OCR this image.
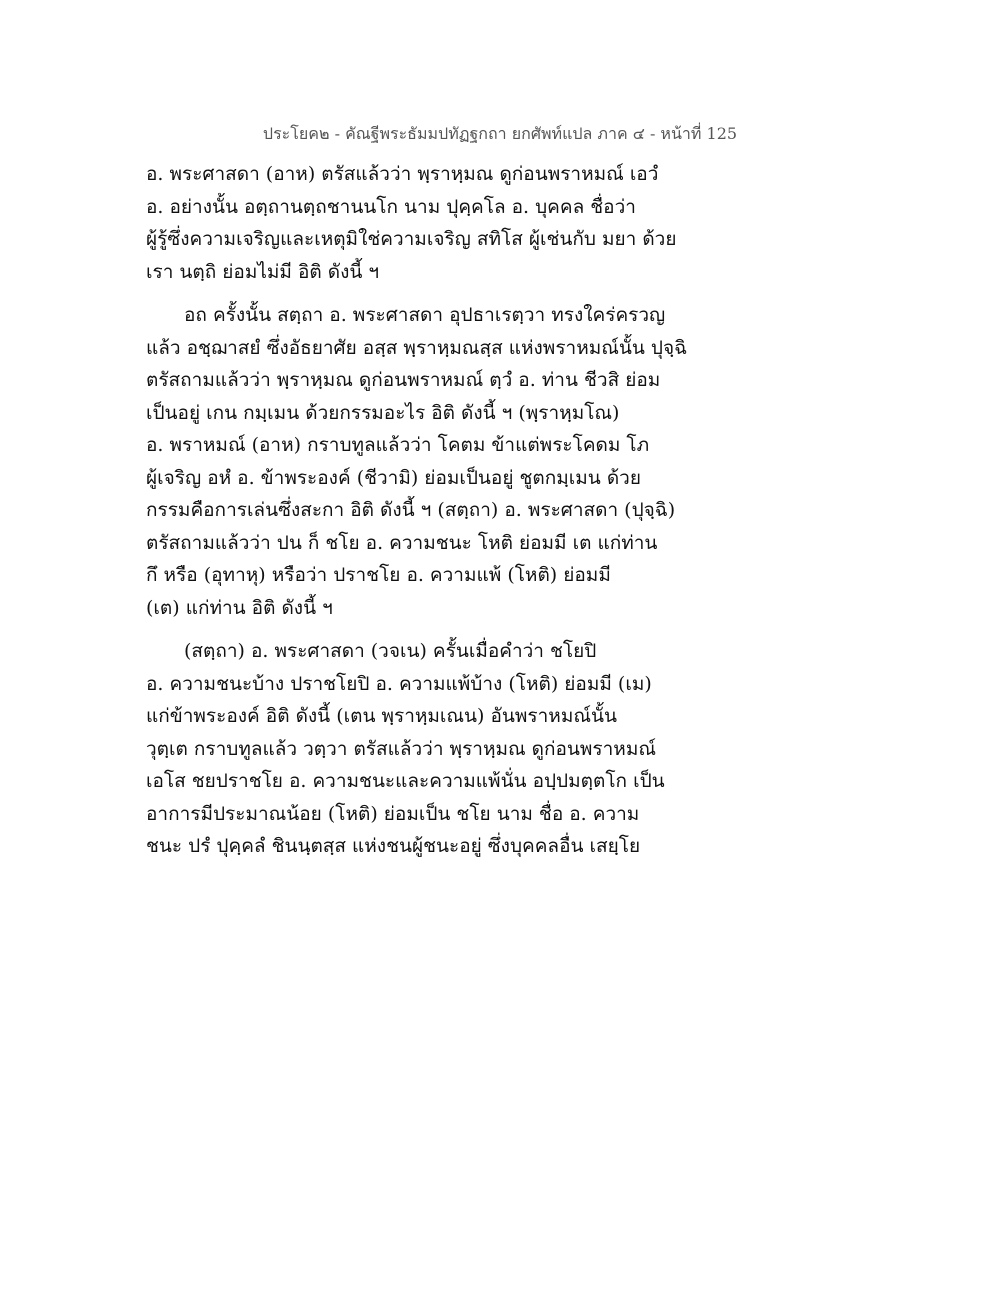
ประโยค๒ - คัณฐีพระธัมมปทัฏฐกถา ยกศัพท์แปล ภาค ๔ - หน้าที่ 125
อ. พระศาสดา (อาห) ตรัสแล้วว่า พฺราหฺมณ ดูก่อนพราหมณ์ เอวํ
อ. อย่างนั้น อตฺถานตฺถชานนโก นาม ปุคฺคโล อ. บุคคล ชื่อว่า
ผู้รู้ซึ่งความเจริญและเหตุมิใช่ความเจริญ สทิโส ผู้เช่นกับ มยา ด้วย
เรา นตฺถิ ย่อมไม่มี อิติ ดังนี้ ฯ
อถ ครั้งนั้น สตฺถา อ. พระศาสดา อุปธาเรตฺวา ทรงใคร่ครวญ
แล้ว อชฺฌาสยํ ซึ่งอัธยาศัย อสฺส พฺราหฺมณสฺส แห่งพราหมณ์นั้น ปุจฺฉิ
ตรัสถามแล้วว่า พฺราหฺมณ ดูก่อนพราหมณ์ ตฺวํ อ. ท่าน ชีวสิ ย่อม
เป็นอยู่ เกน กมฺเมน ด้วยกรรมอะไร อิติ ดังนี้ ฯ (พฺราหฺมโณ)
อ. พราหมณ์ (อาห) กราบทูลแล้วว่า โคตม ข้าแต่พระโคดม โภ
ผู้เจริญ อหํ อ. ข้าพระองค์ (ชีวามิ) ย่อมเป็นอยู่ ชูตกมฺเมน ด้วย
กรรมคือการเล่นซึ่งสะกา อิติ ดังนี้ ฯ (สตฺถา) อ. พระศาสดา (ปุจฺฉิ)
ตรัสถามแล้วว่า ปน ก็ ชโย อ. ความชนะ โหติ ย่อมมี เต แก่ท่าน
กึ หรือ (อุทาหุ) หรือว่า ปราชโย อ. ความแพ้ (โหติ) ย่อมมี
(เต) แก่ท่าน อิติ ดังนี้ ฯ
(สตฺถา) อ. พระศาสดา (วจเน) ครั้นเมื่อคำว่า ชโยปิ
อ. ความชนะบ้าง ปราชโยปิ อ. ความแพ้บ้าง (โหติ) ย่อมมี (เม)
แก่ข้าพระองค์ อิติ ดังนี้ (เตน พฺราหฺมเณน) อันพราหมณ์นั้น
วุตฺเต กราบทูลแล้ว วตฺวา ตรัสแล้วว่า พฺราหฺมณ ดูก่อนพราหมณ์
เอโส ชยปราชโย อ. ความชนะและความแพ้นั่น อปฺปมตฺตโก เป็น
อาการมีประมาณน้อย (โหติ) ย่อมเป็น ชโย นาม ชื่อ อ. ความ
ชนะ ปรํ ปุคฺคลํ ชินนฺตสฺส แห่งชนผู้ชนะอยู่ ซึ่งบุคคลอื่น เสยฺโย
